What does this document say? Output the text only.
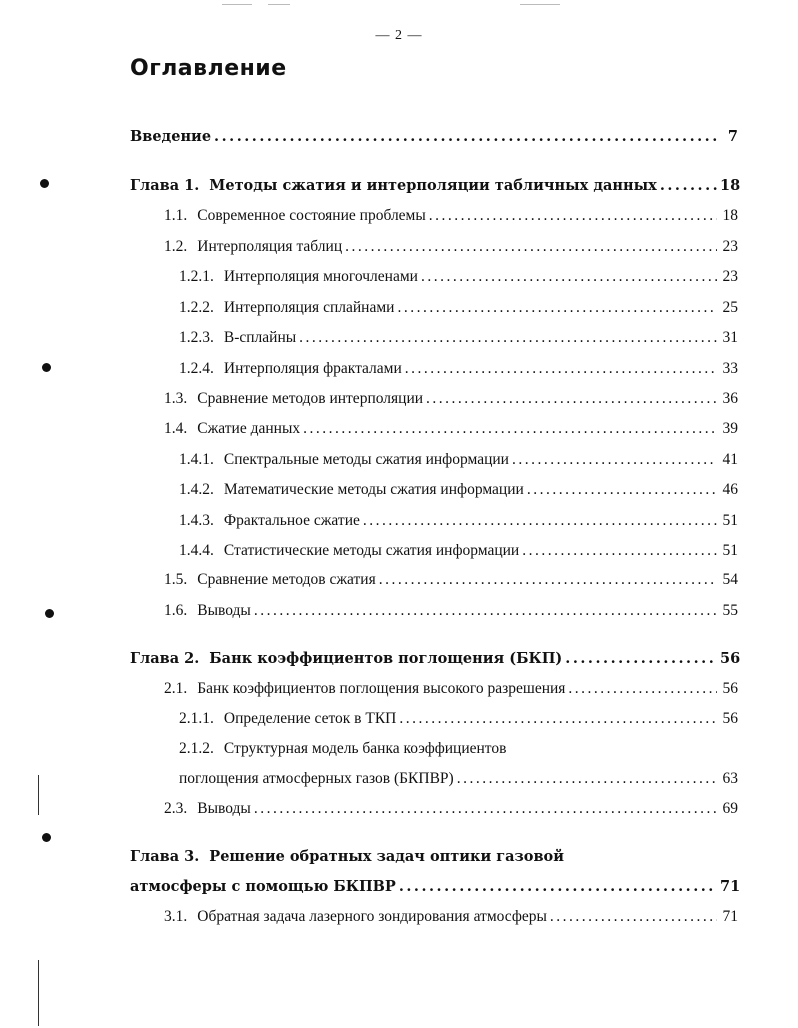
— 2 —
Оглавление
Введение .....	7
Глава 1. Методы сжатия и интерполяции табличных данных .....	18
1.1. Современное состояние проблемы .....	18
1.2. Интерполяция таблиц .....	23
1.2.1. Интерполяция многочленами .....	23
1.2.2. Интерполяция сплайнами .....	25
1.2.3. B-сплайны .....	31
1.2.4. Интерполяция фракталами .....	33
1.3. Сравнение методов интерполяции .....	36
1.4. Сжатие данных .....	39
1.4.1. Спектральные методы сжатия информации .....	41
1.4.2. Математические методы сжатия информации .....	46
1.4.3. Фрактальное сжатие .....	51
1.4.4. Статистические методы сжатия информации .....	51
1.5. Сравнение методов сжатия .....	54
1.6. Выводы .....	55
Глава 2. Банк коэффициентов поглощения (БКП) .....	56
2.1. Банк коэффициентов поглощения высокого разрешения .....	56
2.1.1. Определение сеток в ТКП .....	56
2.1.2. Структурная модель банка коэффициентов
поглощения атмосферных газов (БКПВР) .....	63
2.3. Выводы .....	69
Глава 3. Решение обратных задач оптики газовой
атмосферы с помощью БКПВР .....	71
3.1. Обратная задача лазерного зондирования атмосферы .....	71
